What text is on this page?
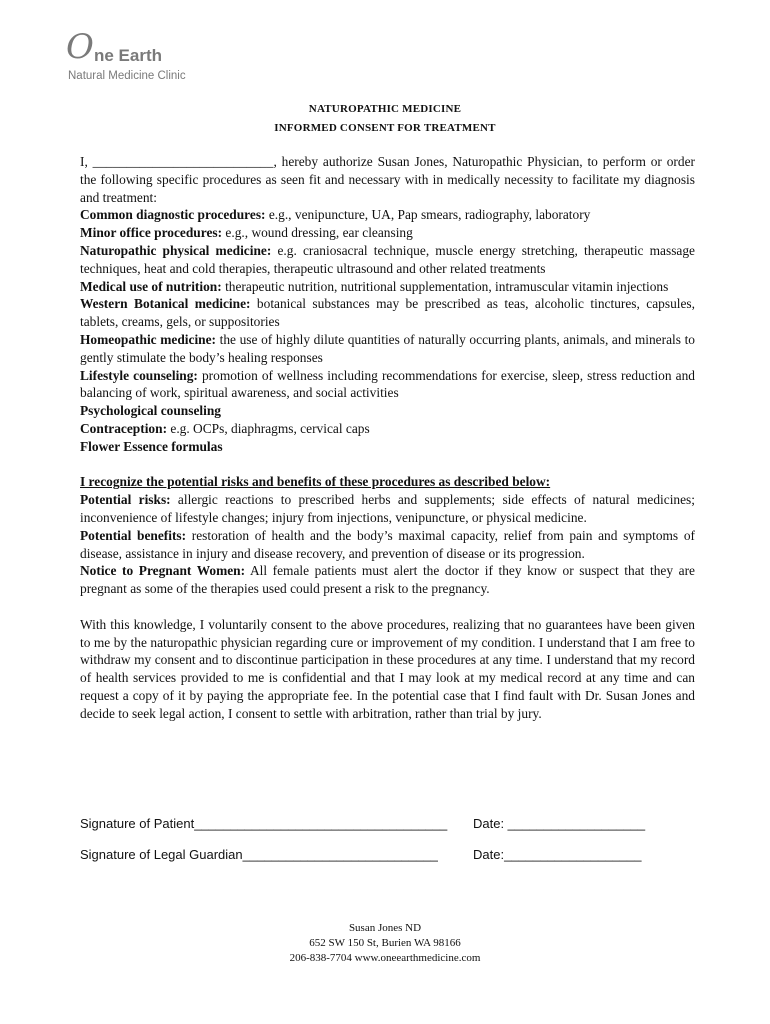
O ne Earth
Natural Medicine Clinic
NATUROPATHIC MEDICINE
INFORMED CONSENT FOR TREATMENT

I, ___________________________, hereby authorize Susan Jones, Naturopathic Physician, to perform or order the following specific procedures as seen fit and necessary with in medically necessity to facilitate my diagnosis and treatment:

Common diagnostic procedures: e.g., venipuncture, UA, Pap smears, radiography, laboratory

Minor office procedures: e.g., wound dressing, ear cleansing

Naturopathic physical medicine: e.g. craniosacral technique, muscle energy stretching, therapeutic massage techniques, heat and cold therapies, therapeutic ultrasound and other related treatments

Medical use of nutrition: therapeutic nutrition, nutritional supplementation, intramuscular vitamin injections

Western Botanical medicine: botanical substances may be prescribed as teas, alcoholic tinctures, capsules, tablets, creams, gels, or suppositories

Homeopathic medicine: the use of highly dilute quantities of naturally occurring plants, animals, and minerals to gently stimulate the body’s healing responses

Lifestyle counseling: promotion of wellness including recommendations for exercise, sleep, stress reduction and balancing of work, spiritual awareness, and social activities

Psychological counseling

Contraception: e.g. OCPs, diaphragms, cervical caps

Flower Essence formulas

I recognize the potential risks and benefits of these procedures as described below:

Potential risks: allergic reactions to prescribed herbs and supplements; side effects of natural medicines; inconvenience of lifestyle changes; injury from injections, venipuncture, or physical medicine.

Potential benefits: restoration of health and the body’s maximal capacity, relief from pain and symptoms of disease, assistance in injury and disease recovery, and prevention of disease or its progression.

Notice to Pregnant Women: All female patients must alert the doctor if they know or suspect that they are pregnant as some of the therapies used could present a risk to the pregnancy.

With this knowledge, I voluntarily consent to the above procedures, realizing that no guarantees have been given to me by the naturopathic physician regarding cure or improvement of my condition. I understand that I am free to withdraw my consent and to discontinue participation in these procedures at any time. I understand that my record of health services provided to me is confidential and that I may look at my medical record at any time and can request a copy of it by paying the appropriate fee. In the potential case that I find fault with Dr. Susan Jones and decide to seek legal action, I consent to settle with arbitration, rather than trial by jury.

Signature of Patient___________________________________ Date: ___________________
Signature of Legal Guardian___________________________	Date:___________________
Susan Jones ND
652 SW 150 St, Burien WA 98166
206-838-7704 www.oneearthmedicine.com
